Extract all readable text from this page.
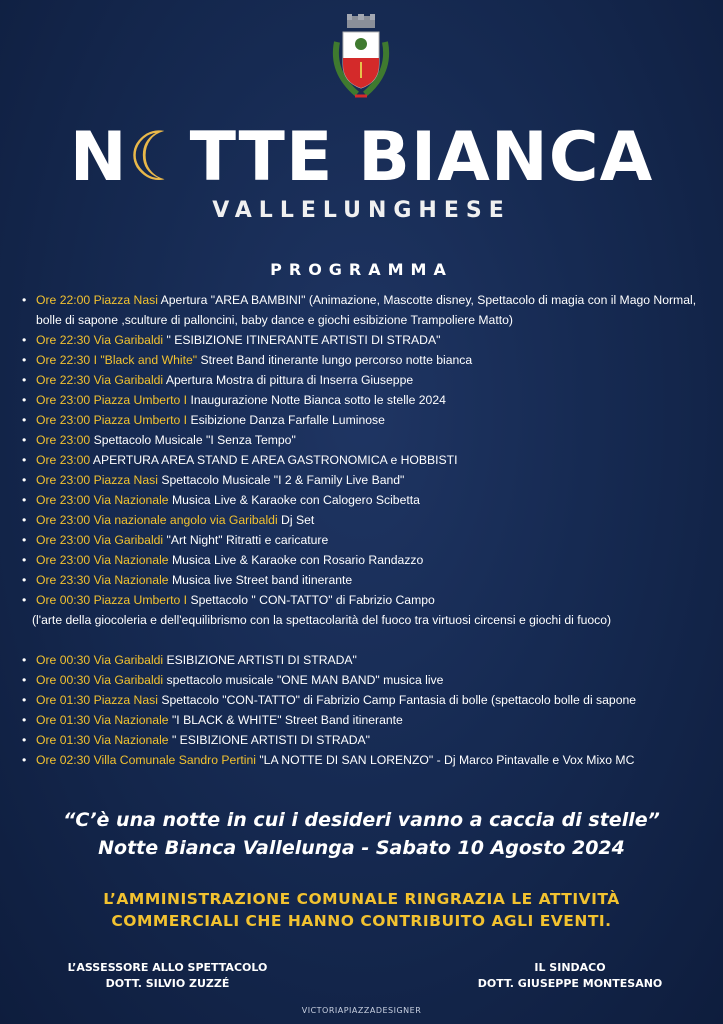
N☾TTE BIANCA
VALLELUNGHESE
PROGRAMMA
• Ore 22:00 Piazza Nasi Apertura "AREA BAMBINI" (Animazione, Mascotte disney, Spettacolo di magia con il Mago Normal, bolle di sapone ,sculture di palloncini, baby dance e giochi esibizione Trampoliere Matto)
• Ore 22:30 Via Garibaldi " ESIBIZIONE ITINERANTE ARTISTI DI STRADA"
• Ore 22:30 I "Black and White" Street Band itinerante lungo percorso notte bianca
• Ore 22:30 Via Garibaldi Apertura Mostra di pittura di Inserra Giuseppe
• Ore 23:00 Piazza Umberto I Inaugurazione Notte Bianca sotto le stelle 2024
• Ore 23:00 Piazza Umberto I Esibizione Danza Farfalle Luminose
• Ore 23:00 Spettacolo Musicale "I Senza Tempo"
• Ore 23:00 APERTURA AREA STAND E AREA GASTRONOMICA e HOBBISTI
• Ore 23:00 Piazza Nasi Spettacolo Musicale "I 2 & Family Live Band"
• Ore 23:00 Via Nazionale Musica Live & Karaoke con Calogero Scibetta
• Ore 23:00 Via nazionale angolo via Garibaldi Dj Set
• Ore 23:00 Via Garibaldi "Art Night" Ritratti e caricature
• Ore 23:00 Via Nazionale Musica Live & Karaoke con Rosario Randazzo
• Ore 23:30 Via Nazionale Musica live Street band itinerante
• Ore 00:30 Piazza Umberto I Spettacolo " CON-TATTO" di Fabrizio Campo
(l'arte della giocoleria e dell'equilibrismo con la spettacolarità del fuoco tra virtuosi circensi e giochi di fuoco)
• Ore 00:30 Via Garibaldi ESIBIZIONE ARTISTI DI STRADA"
• Ore 00:30 Via Garibaldi spettacolo musicale "ONE MAN BAND" musica live
• Ore 01:30 Piazza Nasi Spettacolo "CON-TATTO" di Fabrizio Camp Fantasia di bolle (spettacolo bolle di sapone
• Ore 01:30 Via Nazionale "I BLACK & WHITE" Street Band itinerante
• Ore 01:30 Via Nazionale " ESIBIZIONE ARTISTI DI STRADA"
• Ore 02:30 Villa Comunale Sandro Pertini "LA NOTTE DI SAN LORENZO" - Dj Marco Pintavalle e Vox Mixo MC
“C’è una notte in cui i desideri vanno a caccia di stelle”
Notte Bianca Vallelunga - Sabato 10 Agosto 2024
L’AMMINISTRAZIONE COMUNALE RINGRAZIA LE ATTIVITÀ
COMMERCIALI CHE HANNO CONTRIBUITO AGLI EVENTI.
L’ASSESSORE ALLO SPETTACOLO
DOTT. SILVIO ZUZZÉ
IL SINDACO
DOTT. GIUSEPPE MONTESANO
VICTORIAPIAZZADESIGNER
